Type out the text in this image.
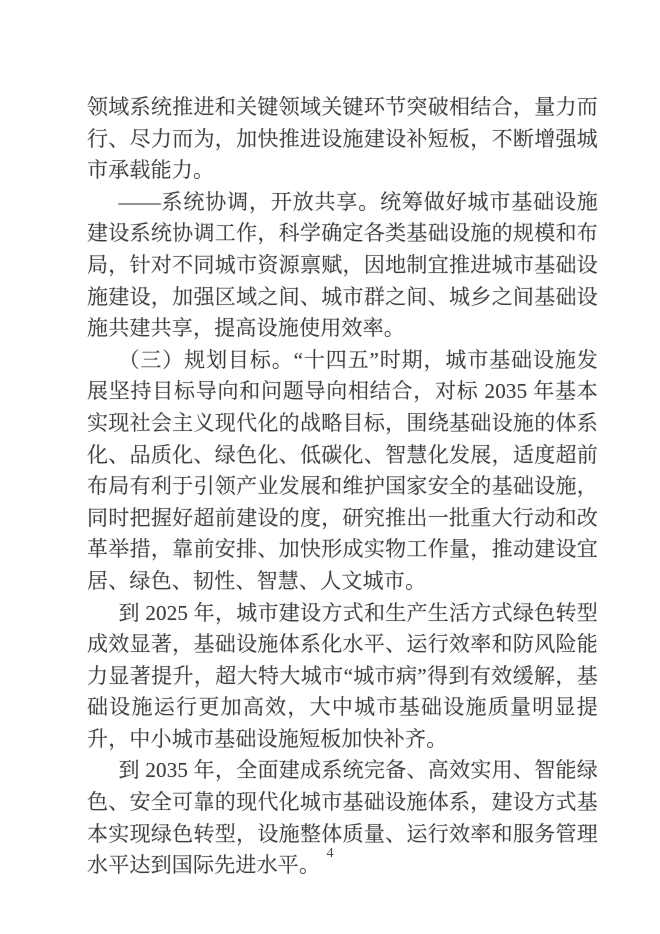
领域系统推进和关键领域关键环节突破相结合，量力而行、尽力而为，加快推进设施建设补短板，不断增强城市承载能力。

——系统协调，开放共享。统筹做好城市基础设施建设系统协调工作，科学确定各类基础设施的规模和布局，针对不同城市资源禀赋，因地制宜推进城市基础设施建设，加强区域之间、城市群之间、城乡之间基础设施共建共享，提高设施使用效率。

（三）规划目标。“十四五”时期，城市基础设施发展坚持目标导向和问题导向相结合，对标 2035 年基本实现社会主义现代化的战略目标，围绕基础设施的体系化、品质化、绿色化、低碳化、智慧化发展，适度超前布局有利于引领产业发展和维护国家安全的基础设施，同时把握好超前建设的度，研究推出一批重大行动和改革举措，靠前安排、加快形成实物工作量，推动建设宜居、绿色、韧性、智慧、人文城市。

到 2025 年，城市建设方式和生产生活方式绿色转型成效显著，基础设施体系化水平、运行效率和防风险能力显著提升，超大特大城市“城市病”得到有效缓解，基础设施运行更加高效，大中城市基础设施质量明显提升，中小城市基础设施短板加快补齐。

到 2035 年，全面建成系统完备、高效实用、智能绿色、安全可靠的现代化城市基础设施体系，建设方式基本实现绿色转型，设施整体质量、运行效率和服务管理水平达到国际先进水平。 4
